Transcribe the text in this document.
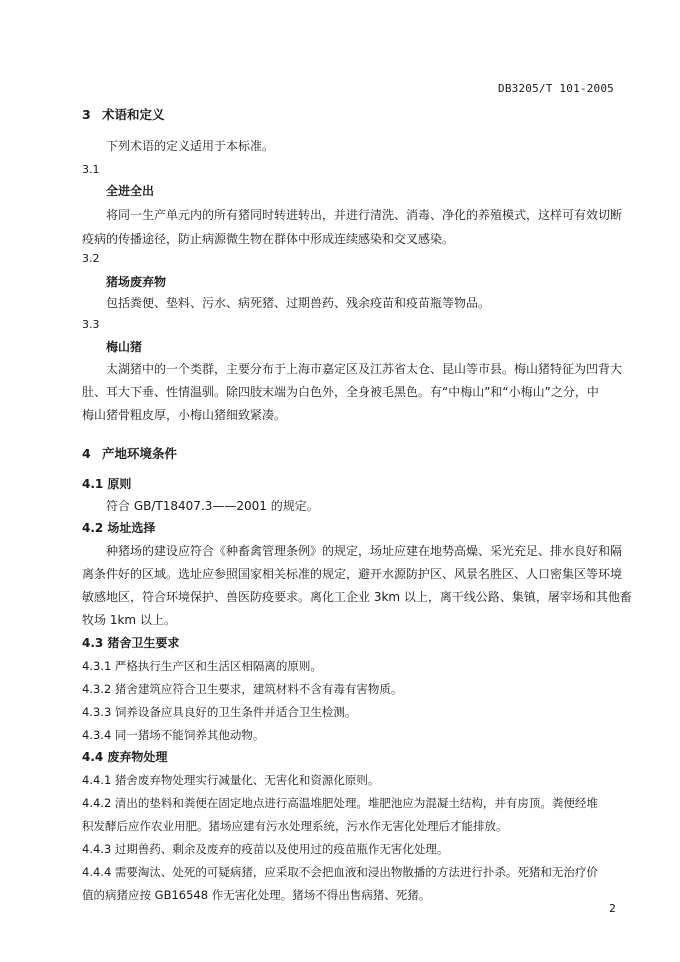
DB3205/T 101-2005
3 术语和定义
下列术语的定义适用于本标准。
3.1
全进全出
将同一生产单元内的所有猪同时转进转出，并进行清洗、消毒、净化的养殖模式，这样可有效切断
疫病的传播途径，防止病源微生物在群体中形成连续感染和交叉感染。
3.2
猪场废弃物
包括粪便、垫料、污水、病死猪、过期兽药、残余疫苗和疫苗瓶等物品。
3.3
梅山猪
太湖猪中的一个类群，主要分布于上海市嘉定区及江苏省太仓、昆山等市县。梅山猪特征为凹背大
肚、耳大下垂、性情温驯。除四肢末端为白色外，全身被毛黑色。有“中梅山”和“小梅山”之分，中
梅山猪骨粗皮厚，小梅山猪细致紧凑。
4 产地环境条件
4.1 原则
符合 GB/T18407.3——2001 的规定。
4.2 场址选择
种猪场的建设应符合《种畜禽管理条例》的规定，场址应建在地势高燥、采光充足、排水良好和隔
离条件好的区域。选址应参照国家相关标准的规定，避开水源防护区、风景名胜区、人口密集区等环境
敏感地区，符合环境保护、兽医防疫要求。离化工企业 3km 以上，离干线公路、集镇，屠宰场和其他畜
牧场 1km 以上。
4.3 猪舍卫生要求
4.3.1 严格执行生产区和生活区相隔离的原则。
4.3.2 猪舍建筑应符合卫生要求，建筑材料不含有毒有害物质。
4.3.3 饲养设备应具良好的卫生条件并适合卫生检测。
4.3.4 同一猪场不能饲养其他动物。
4.4 废弃物处理
4.4.1 猪舍废弃物处理实行减量化、无害化和资源化原则。
4.4.2 清出的垫料和粪便在固定地点进行高温堆肥处理。堆肥池应为混凝土结构，并有房顶。粪便经堆
积发酵后应作农业用肥。猪场应建有污水处理系统，污水作无害化处理后才能排放。
4.4.3 过期兽药、剩余及废弃的疫苗以及使用过的疫苗瓶作无害化处理。
4.4.4 需要淘汰、处死的可疑病猪，应采取不会把血液和浸出物散播的方法进行扑杀。死猪和无治疗价
值的病猪应按 GB16548 作无害化处理。猪场不得出售病猪、死猪。
2
